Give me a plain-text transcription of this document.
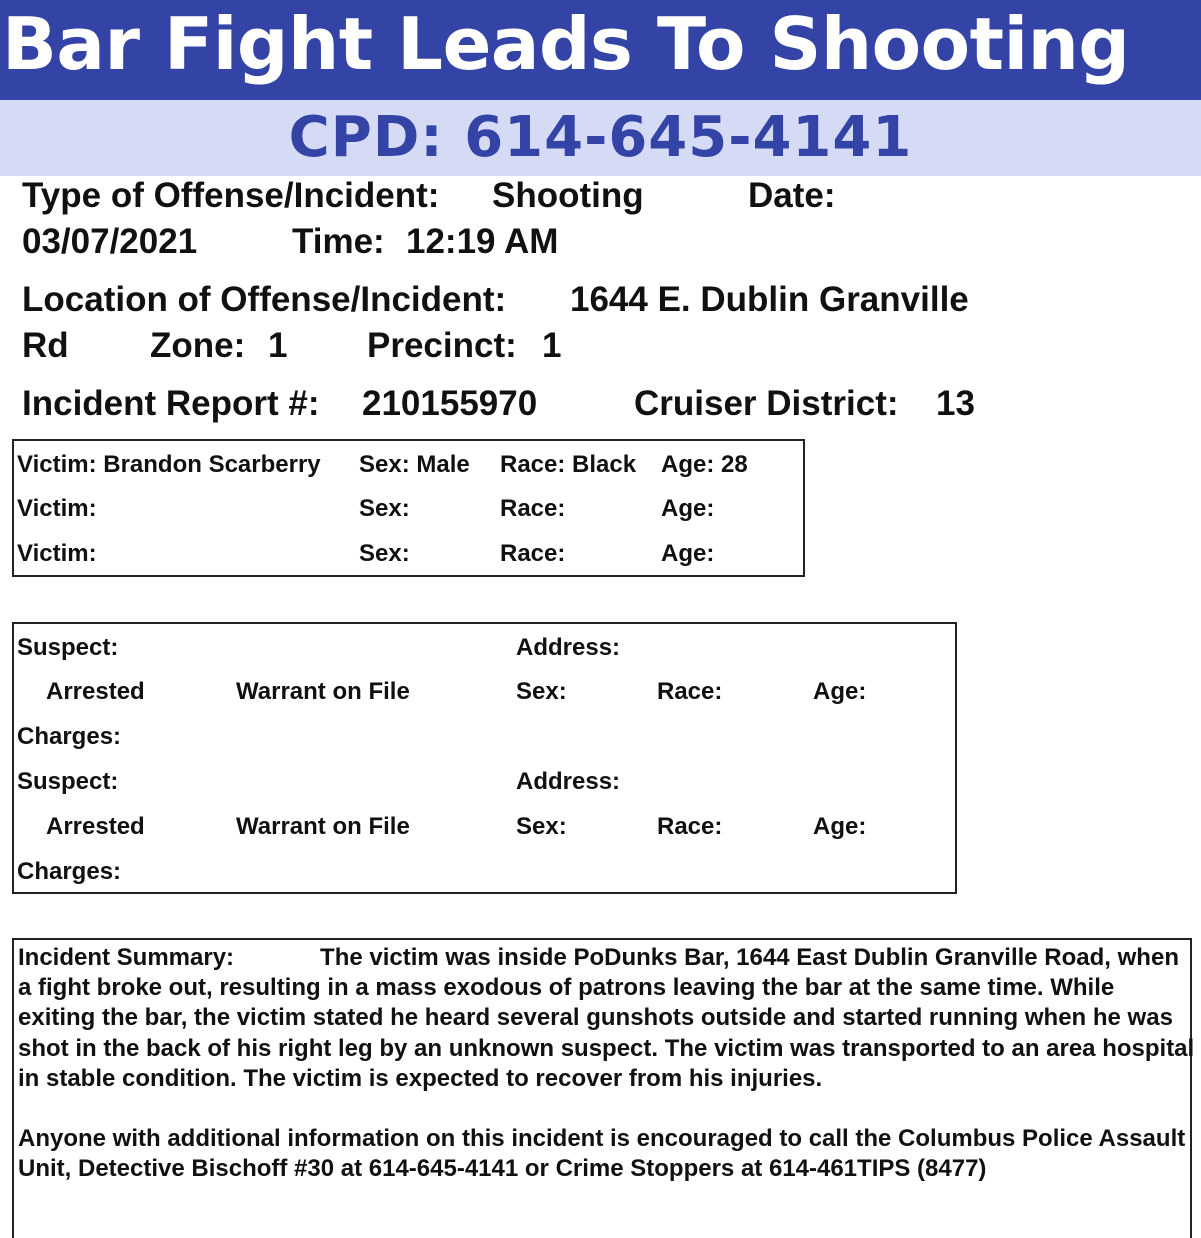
Bar Fight Leads To Shooting
CPD: 614-645-4141
Type of Offense/Incident: Shooting	Date:
03/07/2021	Time: 12:19 AM
Location of Offense/Incident: 1644 E. Dublin Granville
Rd Zone: 1 Precinct: 1
Incident Report #: 210155970	Cruiser District: 13
Victim: Brandon Scarberry Sex: Male Race: Black Age: 28
Victim:	Sex:	Race:	Age:
Victim:	Sex:	Race:	Age:
Suspect:	Address:
Arrested	Warrant on File	Sex:	Race:	Age:
Charges:
Suspect:	Address:
Arrested	Warrant on File	Sex:	Race:	Age:
Charges:

Incident Summary:	The victim was inside PoDunks Bar, 1644 East Dublin Granville Road, when a fight broke out, resulting in a mass exodous of patrons leaving the bar at the same time. While exiting the bar, the victim stated he heard several gunshots outside and started running when he was shot in the back of his right leg by an unknown suspect. The victim was transported to an area hospital in stable condition. The victim is expected to recover from his injuries.

Anyone with additional information on this incident is encouraged to call the Columbus Police Assault Unit, Detective Bischoff #30 at 614-645-4141 or Crime Stoppers at 614-461TIPS (8477)
